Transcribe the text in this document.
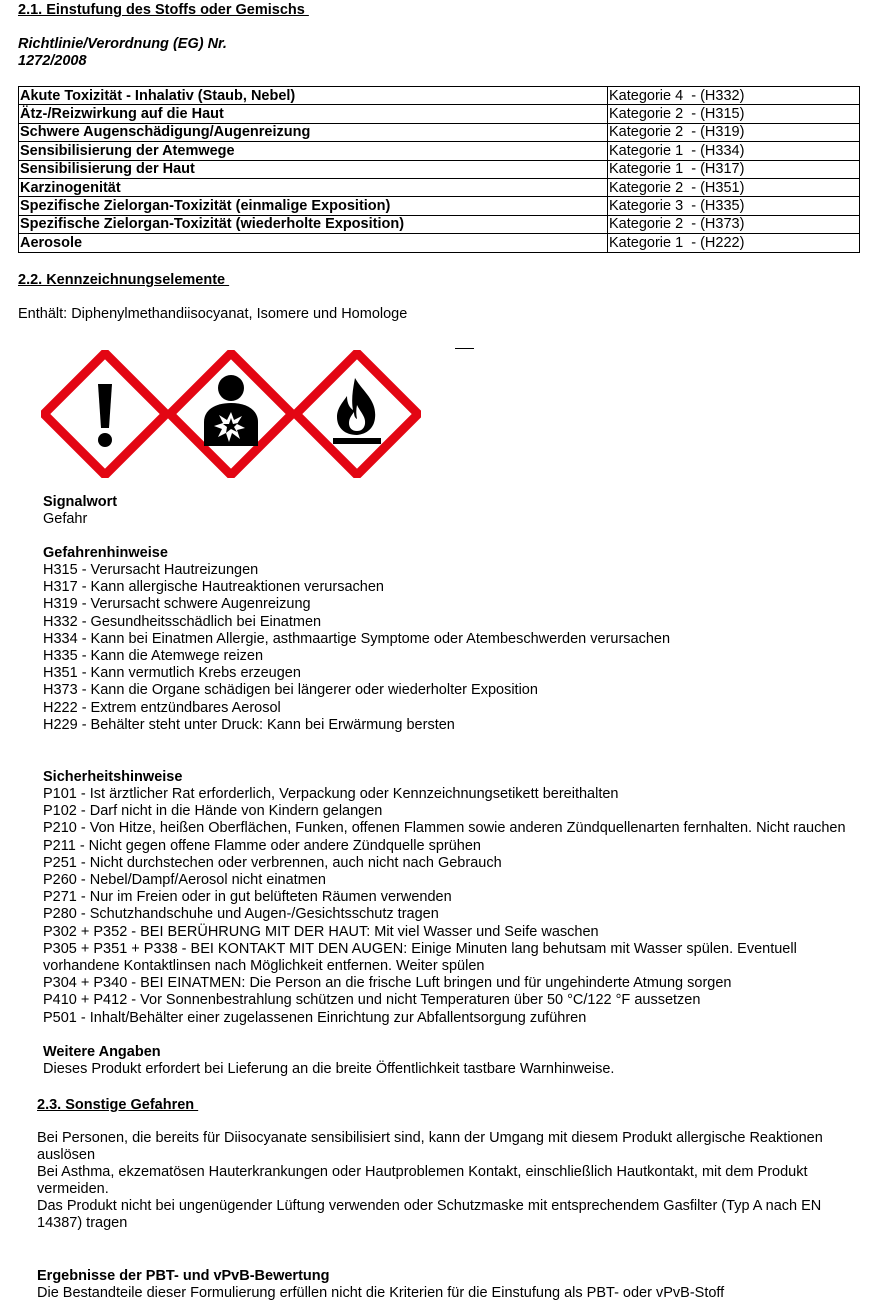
2.1. Einstufung des Stoffs oder Gemischs
Richtlinie/Verordnung (EG) Nr.
1272/2008
Akute Toxizität - Inhalativ (Staub, Nebel)	Kategorie 4  - (H332)
Ätz-/Reizwirkung auf die Haut	Kategorie 2  - (H315)
Schwere Augenschädigung/Augenreizung	Kategorie 2  - (H319)
Sensibilisierung der Atemwege	Kategorie 1  - (H334)
Sensibilisierung der Haut	Kategorie 1  - (H317)
Karzinogenität	Kategorie 2  - (H351)
Spezifische Zielorgan-Toxizität (einmalige Exposition)	Kategorie 3  - (H335)
Spezifische Zielorgan-Toxizität (wiederholte Exposition)	Kategorie 2  - (H373)
Aerosole	Kategorie 1  - (H222)
2.2. Kennzeichnungselemente
Enthält: Diphenylmethandiisocyanat, Isomere und Homologe
Signalwort
Gefahr
Gefahrenhinweise
H315 - Verursacht Hautreizungen
H317 - Kann allergische Hautreaktionen verursachen
H319 - Verursacht schwere Augenreizung
H332 - Gesundheitsschädlich bei Einatmen
H334 - Kann bei Einatmen Allergie, asthmaartige Symptome oder Atembeschwerden verursachen
H335 - Kann die Atemwege reizen
H351 - Kann vermutlich Krebs erzeugen
H373 - Kann die Organe schädigen bei längerer oder wiederholter Exposition
H222 - Extrem entzündbares Aerosol
H229 - Behälter steht unter Druck: Kann bei Erwärmung bersten
Sicherheitshinweise
P101 - Ist ärztlicher Rat erforderlich, Verpackung oder Kennzeichnungsetikett bereithalten
P102 - Darf nicht in die Hände von Kindern gelangen
P210 - Von Hitze, heißen Oberflächen, Funken, offenen Flammen sowie anderen Zündquellenarten fernhalten. Nicht rauchen
P211 - Nicht gegen offene Flamme oder andere Zündquelle sprühen
P251 - Nicht durchstechen oder verbrennen, auch nicht nach Gebrauch
P260 - Nebel/Dampf/Aerosol nicht einatmen
P271 - Nur im Freien oder in gut belüfteten Räumen verwenden
P280 - Schutzhandschuhe und Augen-/Gesichtsschutz tragen
P302 + P352 - BEI BERÜHRUNG MIT DER HAUT: Mit viel Wasser und Seife waschen
P305 + P351 + P338 - BEI KONTAKT MIT DEN AUGEN: Einige Minuten lang behutsam mit Wasser spülen. Eventuell
vorhandene Kontaktlinsen nach Möglichkeit entfernen. Weiter spülen
P304 + P340 - BEI EINATMEN: Die Person an die frische Luft bringen und für ungehinderte Atmung sorgen
P410 + P412 - Vor Sonnenbestrahlung schützen und nicht Temperaturen über 50 °C/122 °F aussetzen
P501 - Inhalt/Behälter einer zugelassenen Einrichtung zur Abfallentsorgung zuführen
Weitere Angaben
Dieses Produkt erfordert bei Lieferung an die breite Öffentlichkeit tastbare Warnhinweise.
2.3. Sonstige Gefahren
Bei Personen, die bereits für Diisocyanate sensibilisiert sind, kann der Umgang mit diesem Produkt allergische Reaktionen auslösen
Bei Asthma, ekzematösen Hauterkrankungen oder Hautproblemen Kontakt, einschließlich Hautkontakt, mit dem Produkt vermeiden.
Das Produkt nicht bei ungenügender Lüftung verwenden oder Schutzmaske mit entsprechendem Gasfilter (Typ A nach EN 14387) tragen
Ergebnisse der PBT- und vPvB-Bewertung
Die Bestandteile dieser Formulierung erfüllen nicht die Kriterien für die Einstufung als PBT- oder vPvB-Stoff
